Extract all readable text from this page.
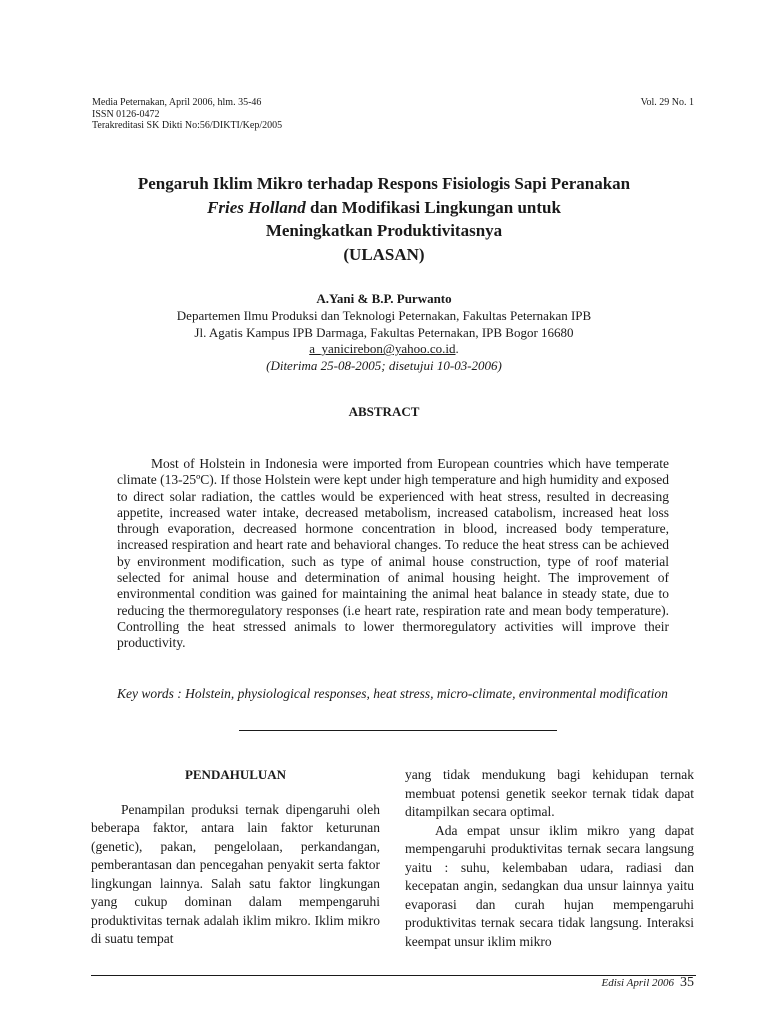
Media Peternakan, April 2006, hlm. 35-46
ISSN 0126-0472
Terakreditasi SK Dikti No:56/DIKTI/Kep/2005
Vol. 29 No. 1
Pengaruh Iklim Mikro terhadap Respons Fisiologis Sapi Peranakan
Fries Holland dan Modifikasi Lingkungan untuk
Meningkatkan Produktivitasnya
(ULASAN)
A.Yani & B.P. Purwanto
Departemen Ilmu Produksi dan Teknologi Peternakan, Fakultas Peternakan IPB
Jl. Agatis Kampus IPB Darmaga, Fakultas Peternakan, IPB Bogor 16680
a_yanicirebon@yahoo.co.id.
(Diterima 25-08-2005; disetujui 10-03-2006)
ABSTRACT

Most of Holstein in Indonesia were imported from European countries which have temperate climate (13-25ºC). If those Holstein were kept under high temperature and high humidity and exposed to direct solar radiation, the cattles would be experienced with heat stress, resulted in decreasing appetite, increased water intake, decreased metabolism, increased catabolism, increased heat loss through evaporation, decreased hormone concentration in blood, increased body temperature, increased respiration and heart rate and behavioral changes. To reduce the heat stress can be achieved by environment modification, such as type of animal house construction, type of roof material selected for animal house and determination of animal housing height. The improvement of environmental condition was gained for maintaining the animal heat balance in steady state, due to reducing the thermoregulatory responses (i.e heart rate, respiration rate and mean body temperature). Controlling the heat stressed animals to lower thermoregulatory activities will improve their productivity.

Key words : Holstein, physiological responses, heat stress, micro-climate, environmental modification

PENDAHULUAN

Penampilan produksi ternak dipengaruhi oleh beberapa faktor, antara lain faktor keturunan (genetic), pakan, pengelolaan, perkandangan, pemberantasan dan pencegahan penyakit serta faktor lingkungan lainnya. Salah satu faktor lingkungan yang cukup dominan dalam mempengaruhi produktivitas ternak adalah iklim mikro. Iklim mikro di suatu tempat

yang tidak mendukung bagi kehidupan ternak membuat potensi genetik seekor ternak tidak dapat ditampilkan secara optimal.

Ada empat unsur iklim mikro yang dapat mempengaruhi produktivitas ternak secara langsung yaitu : suhu, kelembaban udara, radiasi dan kecepatan angin, sedangkan dua unsur lainnya yaitu evaporasi dan curah hujan mempengaruhi produktivitas ternak secara tidak langsung. Interaksi keempat unsur iklim mikro

Edisi April 2006 35
